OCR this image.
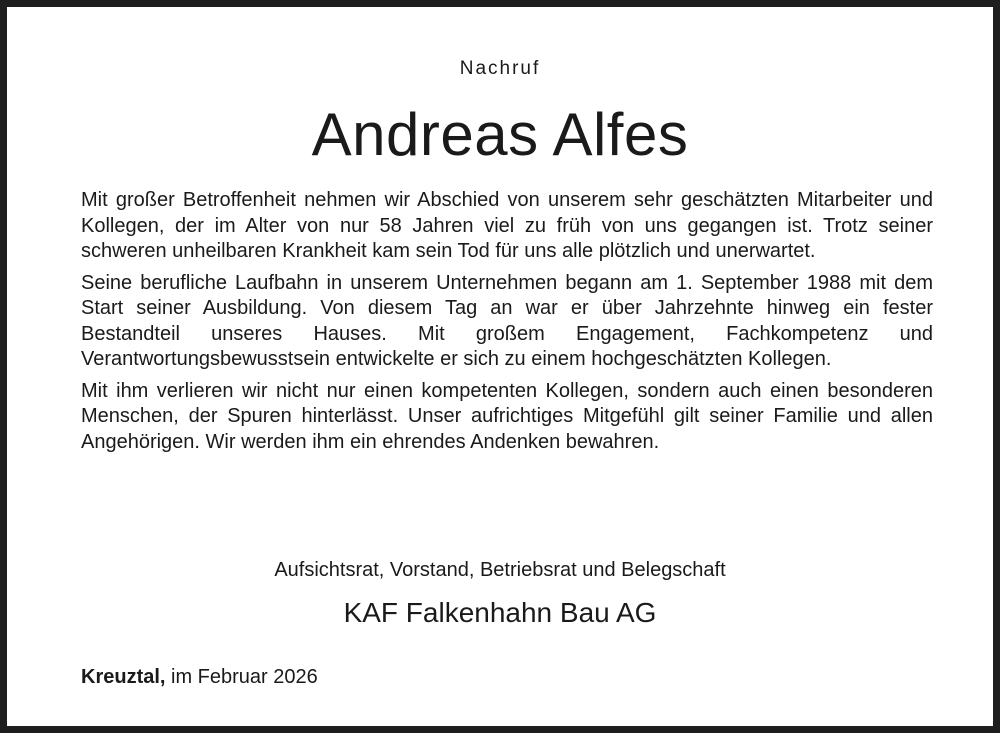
Nachruf
Andreas Alfes

Mit großer Betroffenheit nehmen wir Abschied von unserem sehr geschätzten Mitarbeiter und Kollegen, der im Alter von nur 58 Jahren viel zu früh von uns gegangen ist. Trotz seiner schweren unheilbaren Krankheit kam sein Tod für uns alle plötzlich und unerwartet.

Seine berufliche Laufbahn in unserem Unternehmen begann am 1. September 1988 mit dem Start seiner Ausbildung. Von diesem Tag an war er über Jahrzehnte hinweg ein fester Bestandteil unseres Hauses. Mit großem Engagement, Fachkompetenz und Verantwortungsbewusstsein entwickelte er sich zu einem hochgeschätzten Kollegen.

Mit ihm verlieren wir nicht nur einen kompetenten Kollegen, sondern auch einen besonderen Menschen, der Spuren hinterlässt. Unser aufrichtiges Mitgefühl gilt seiner Familie und allen Angehörigen. Wir werden ihm ein ehrendes Andenken bewahren.

Aufsichtsrat, Vorstand, Betriebsrat und Belegschaft
KAF Falkenhahn Bau AG
Kreuztal, im Februar 2026
